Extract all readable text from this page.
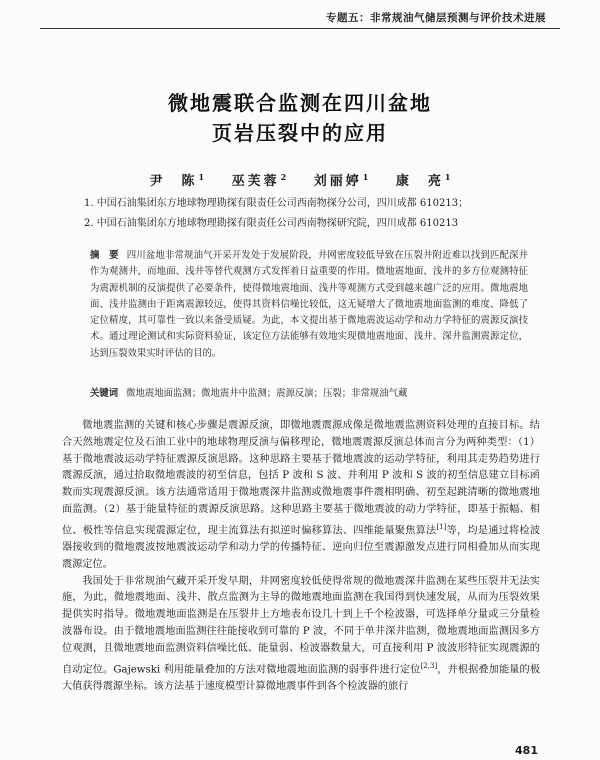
专题五：非常规油气储层预测与评价技术进展
微地震联合监测在四川盆地
页岩压裂中的应用
尹　陈$^1$ 巫芙蓉$^2$ 刘丽婷$^1$ 康　亮$^1$
1. 中国石油集团东方地球物理勘探有限责任公司西南物探分公司，四川成都 610213；
2. 中国石油集团东方地球物理勘探有限责任公司西南物探研究院，四川成都 610213
摘　要 四川盆地非常规油气开采开发处于发展阶段，井网密度较低导致在压裂井附近难以找到匹配深井作为观测井，而地面、浅井等替代观测方式发挥着日益重要的作用。微地震地面、浅井的多方位观测特征为震源机制的反演提供了必要条件，使得微地震地面、浅井等观测方式受到越来越广泛的应用。微地震地面、浅井监测由于距离震源较远，使得其资料信噪比较低，这无疑增大了微地震地面监测的难度、降低了定位精度，其可靠性一致以来备受质疑。为此，本文提出基于微地震波运动学和动力学特征的震源反演技术。通过理论测试和实际资料验证，该定位方法能够有效地实现微地震地面、浅井、深井监测震源定位，达到压裂效果实时评估的目的。
关键词 微地震地面监测；微地震井中监测；震源反演；压裂；非常规油气藏

微地震监测的关键和核心步骤是震源反演，即微地震震源成像是微地震监测资料处理的直接目标。结合天然地震定位及石油工业中的地球物理反演与偏移理论，微地震震源反演总体而言分为两种类型：（1）基于微地震波运动学特征震源反演思路。这种思路主要基于微地震波的运动学特征，利用其走势趋势进行震源反演，通过拾取微地震波的初至信息，包括 P 波和 S 波、并利用 P 波和 S 波的初至信息建立目标函数而实现震源反演。该方法通常适用于微地震深井监测或微地震事件震相明确、初至起跳清晰的微地震地面监测。（2）基于能量特征的震源反演思路。这种思路主要基于微地震波的动力学特征，即基于振幅、相位、极性等信息实现震源定位，现主流算法有拟逆时偏移算法、四维能量聚焦算法[1]等，均是通过将检波器接收到的微地震波按地震波运动学和动力学的传播特征、逆向归位至震源激发点进行同相叠加从而实现震源定位。

我国处于非常规油气藏开采开发早期，井网密度较低使得常规的微地震深井监测在某些压裂井无法实施，为此，微地震地面、浅井、散点监测为主导的微地震地面监测在我国得到快速发展，从而为压裂效果提供实时指导。微地震地面监测是在压裂井上方地表布设几十到上千个检波器，可选择单分量或三分量检波器布设。由于微地震地面监测往往能接收到可靠的 P 波，不同于单井深井监测，微地震地面监测因多方位观测，且微地震地面监测资料信噪比低、能量弱、检波器数量大，可直接利用 P 波波形特征实现震源的自动定位。Gajewski 利用能量叠加的方法对微地震地面监测的弱事件进行定位[2,3]，并根据叠加能量的极大值获得震源坐标。该方法基于速度模型计算微地震事件到各个检波器的旅行

481
